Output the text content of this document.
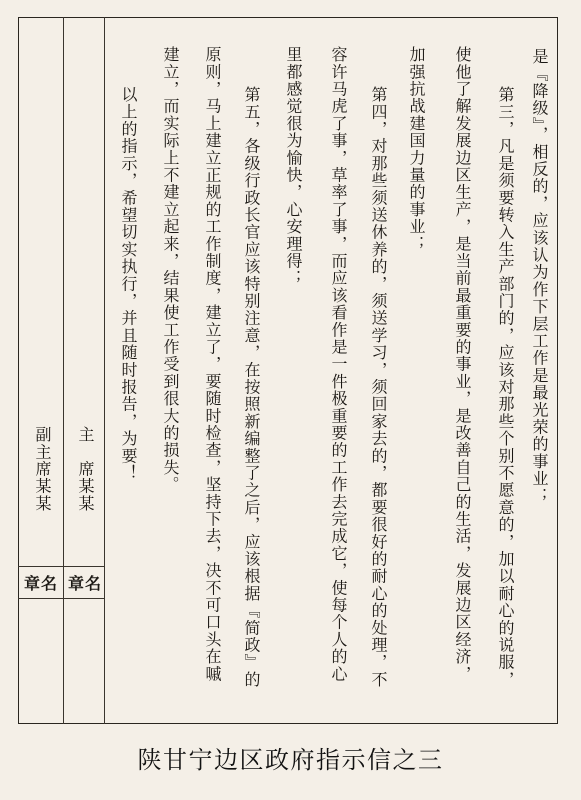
是『降级』，相反的，应该认为作下层工作是最光荣的事业；
第三，凡是须要转入生产部门的，应该对那些个别不愿意的，加以耐心的说服，
使他了解发展边区生产，是当前最重要的事业，是改善自己的生活，发展边区经济，
加强抗战建国力量的事业；
第四，对那些须送休养的，须送学习，须回家去的，都要很好的耐心的处理，不
容许马虎了事，草率了事，而应该看作是一件极重要的工作去完成它，使每个人的心
里都感觉很为愉快，心安理得；
第五，各级行政长官应该特别注意，在按照新编整了之后，应该根据『简政』的
原则，马上建立正规的工作制度，建立了，要随时检查，坚持下去，决不可口头在嘁
建立，而实际上不建立起来，结果使工作受到很大的损失。
以上的指示，希望切实执行，并且随时报告，为要！
主　席某某
副主席某某
章名
章名
陕甘宁边区政府指示信之三
